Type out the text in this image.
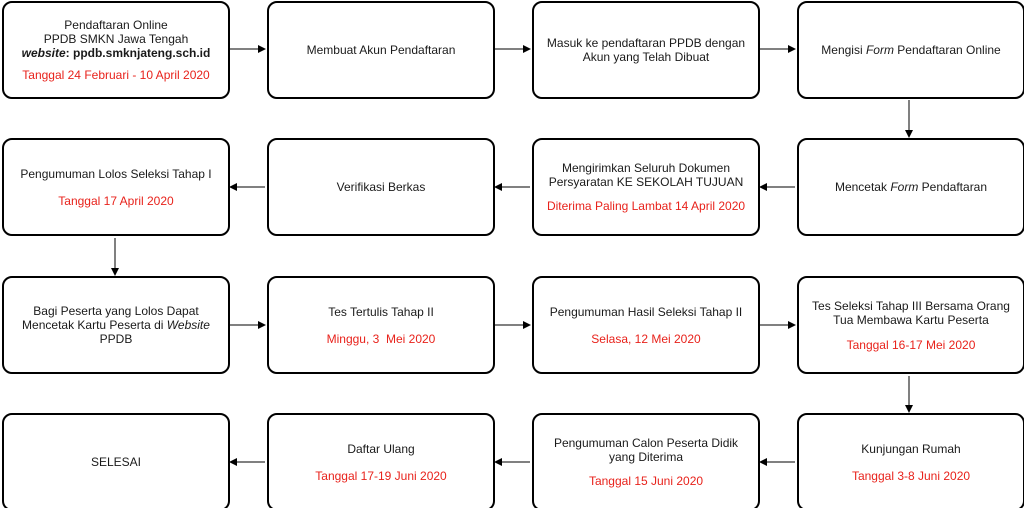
Pendaftaran Online
PPDB SMKN Jawa Tengah
website: ppdb.smknjateng.sch.id
Tanggal 24 Februari - 10 April 2020
Membuat Akun Pendaftaran	Masuk ke pendaftaran PPDB dengan
Akun yang Telah Dibuat	Mengisi Form Pendaftaran Online
Pengumuman Lolos Seleksi Tahap I
Tanggal 17 April 2020
Verifikasi Berkas
Mengirimkan Seluruh Dokumen
Persyaratan KE SEKOLAH TUJUAN
Diterima Paling Lambat 14 April 2020
Mencetak Form Pendaftaran
Bagi Peserta yang Lolos Dapat
Mencetak Kartu Peserta di Website
PPDB
Tes Tertulis Tahap II
Minggu, 3  Mei 2020
Pengumuman Hasil Seleksi Tahap II
Selasa, 12 Mei 2020
Tes Seleksi Tahap III Bersama Orang
Tua Membawa Kartu Peserta
Tanggal 16-17 Mei 2020
SELESAI
Daftar Ulang
Tanggal 17-19 Juni 2020
Pengumuman Calon Peserta Didik
yang Diterima
Tanggal 15 Juni 2020
Kunjungan Rumah
Tanggal 3-8 Juni 2020
